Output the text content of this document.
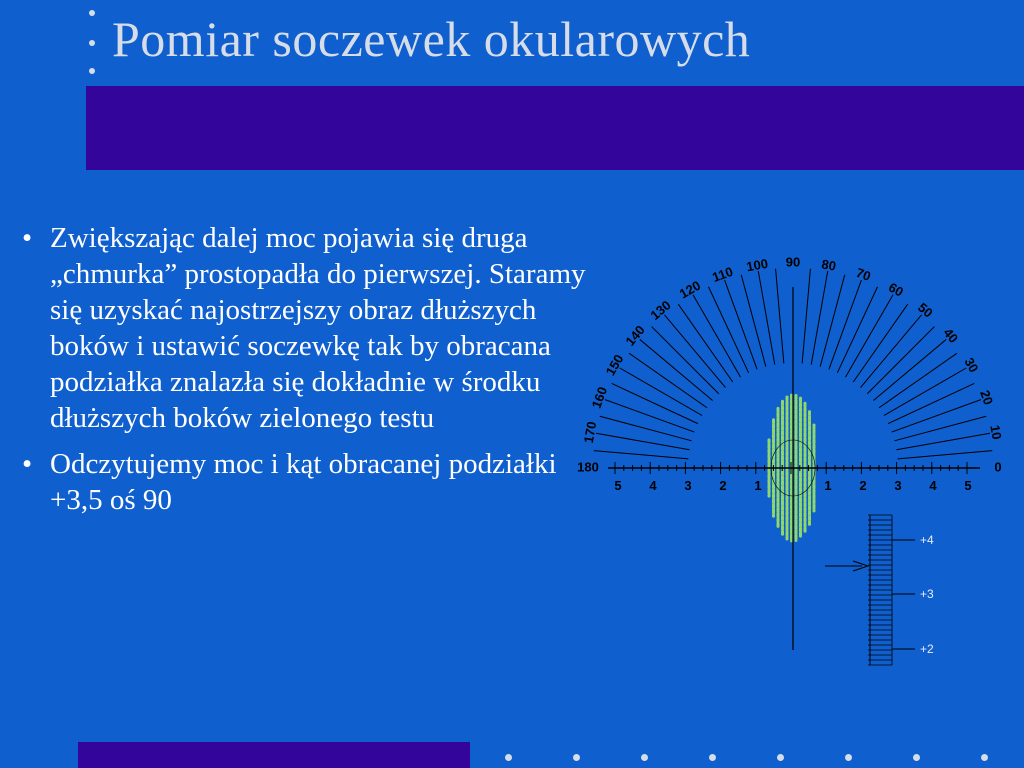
Pomiar soczewek okularowych
• Zwiększając dalej moc pojawia się druga „chmurka” prostopadła do pierwszej. Staramy się uzyskać najostrzejszy obraz dłuższych boków i ustawić soczewkę tak by obracana podziałka znalazła się dokładnie w środku dłuższych boków zielonego testu
• Odczytujemy moc i kąt obracanej podziałki +3,5 oś 90
0
10
20
30
40
50
60
70
80
90
100
110
120
130
140
150
160
170
180
5 4 3 2 1	1 2 3 4 5
+4
+3
+2
